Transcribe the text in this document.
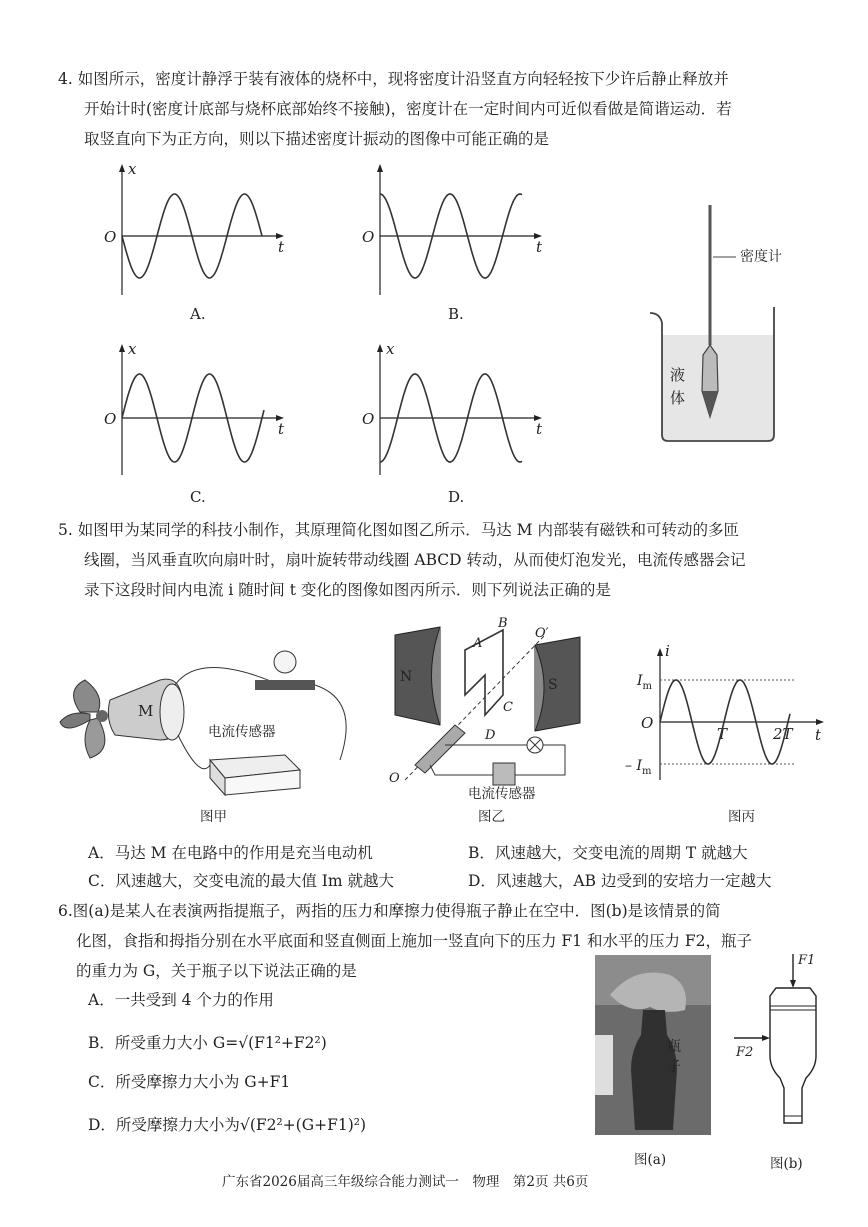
4. 如图所示，密度计静浮于装有液体的烧杯中，现将密度计沿竖直方向轻轻按下少许后静止释放并
开始计时(密度计底部与烧杯底部始终不接触)，密度计在一定时间内可近似看做是简谐运动．若
取竖直向下为正方向，则以下描述密度计振动的图像中可能正确的是
x
t
O
A.
O
t
B.
x
t
O
C.
x
t
O
D.
密度计
液
体
5. 如图甲为某同学的科技小制作，其原理简化图如图乙所示．马达 M 内部装有磁铁和可转动的多匝
线圈，当风垂直吹向扇叶时，扇叶旋转带动线圈 ABCD 转动，从而使灯泡发光，电流传感器会记
录下这段时间内电流 i 随时间 t 变化的图像如图丙所示．则下列说法正确的是
M
电流传感器
图甲
N	S
A
B
C
D
O′
O
电流传感器
图乙
i
t
O
$I_m$
– $I_m$
T	2T
图丙
A．马达 M 在电路中的作用是充当电动机	B．风速越大，交变电流的周期 T 就越大
C．风速越大，交变电流的最大值 Im 就越大	D．风速越大，AB 边受到的安培力一定越大
6.图(a)是某人在表演两指提瓶子，两指的压力和摩擦力使得瓶子静止在空中．图(b)是该情景的简
化图，食指和拇指分别在水平底面和竖直侧面上施加一竖直向下的压力 F1 和水平的压力 F2，瓶子
的重力为 G，关于瓶子以下说法正确的是
A．一共受到 4 个力的作用
B．所受重力大小 G=√(F1²+F2²)
C．所受摩擦力大小为 G+F1
D．所受摩擦力大小为√(F2²+(G+F1)²)
瓶
子
图(a)
F1
F2
图(b)
广东省2026届高三年级综合能力测试一　物理　第2页 共6页
